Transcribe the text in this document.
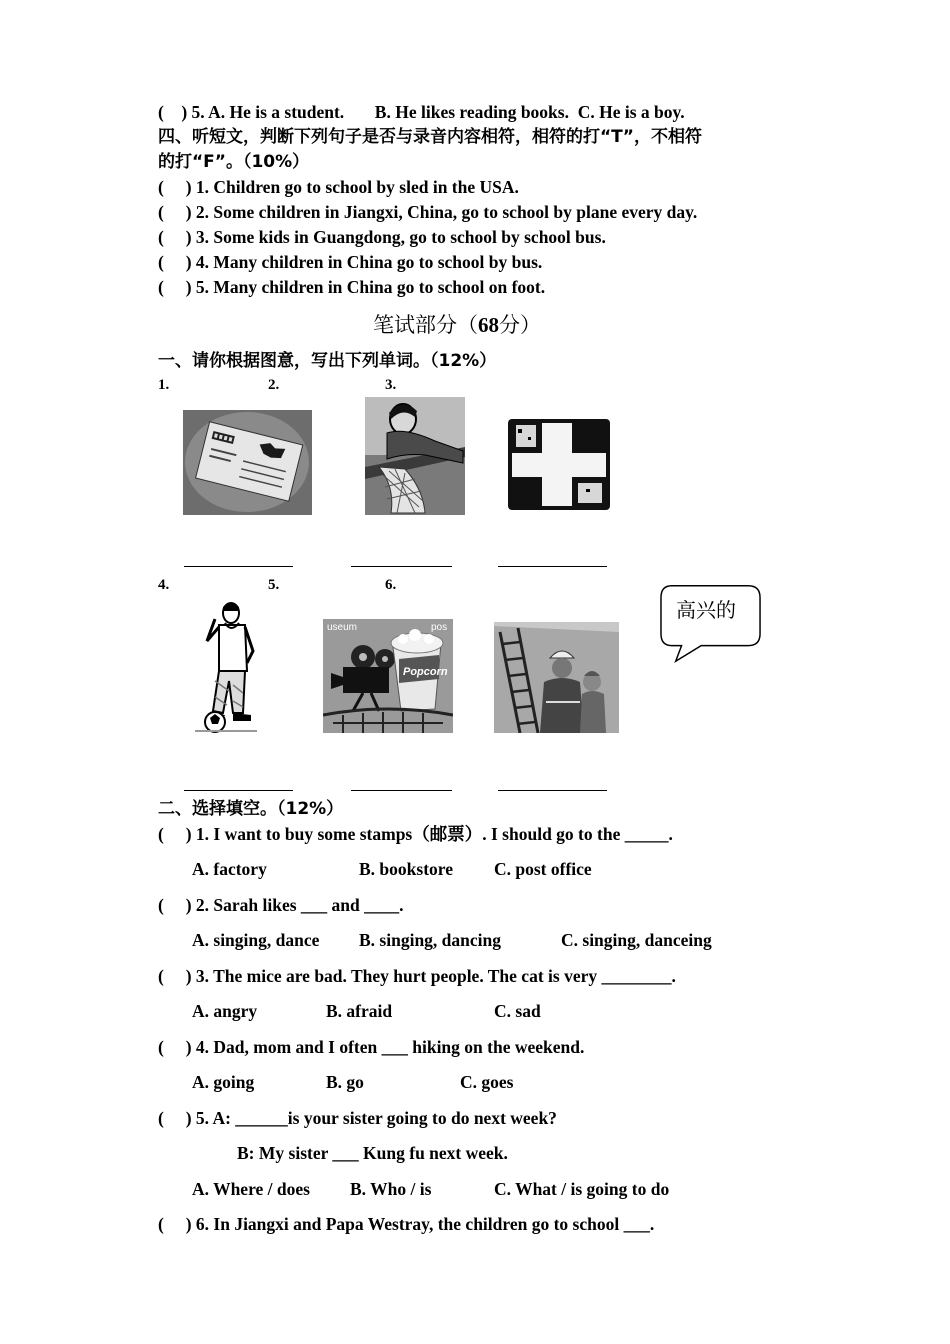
(    ) 5. A. He is a student.       B. He likes reading books.  C. He is a boy.
四、听短文，判断下列句子是否与录音内容相符，相符的打“T”，不相符
的打“F”。（10%）
(     ) 1. Children go to school by sled in the USA.
(     ) 2. Some children in Jiangxi, China, go to school by plane every day.
(     ) 3. Some kids in Guangdong, go to school by school bus.
(     ) 4. Many children in China go to school by bus.
(     ) 5. Many children in China go to school on foot.
笔试部分（68分）
一、请你根据图意，写出下列单词。（12%）
1.	2.	3.
4.	5.	6.
useum	pos
Popcorn
高兴的
二、选择填空。（12%）
(     ) 1. I want to buy some stamps（邮票）. I should go to the _____.
A. factory	B. bookstore C. post office
(     ) 2. Sarah likes ___ and ____.
A. singing, dance B. singing, dancing	C. singing, danceing
(     ) 3. The mice are bad. They hurt people. The cat is very ________.
A. angry	B. afraid	C. sad
(     ) 4. Dad, mom and I often ___ hiking on the weekend.
A. going	B. go	C. goes
(     ) 5. A: ______is your sister going to do next week?
B: My sister ___ Kung fu next week.
A. Where / does B. Who / is	C. What / is going to do
(     ) 6. In Jiangxi and Papa Westray, the children go to school ___.
